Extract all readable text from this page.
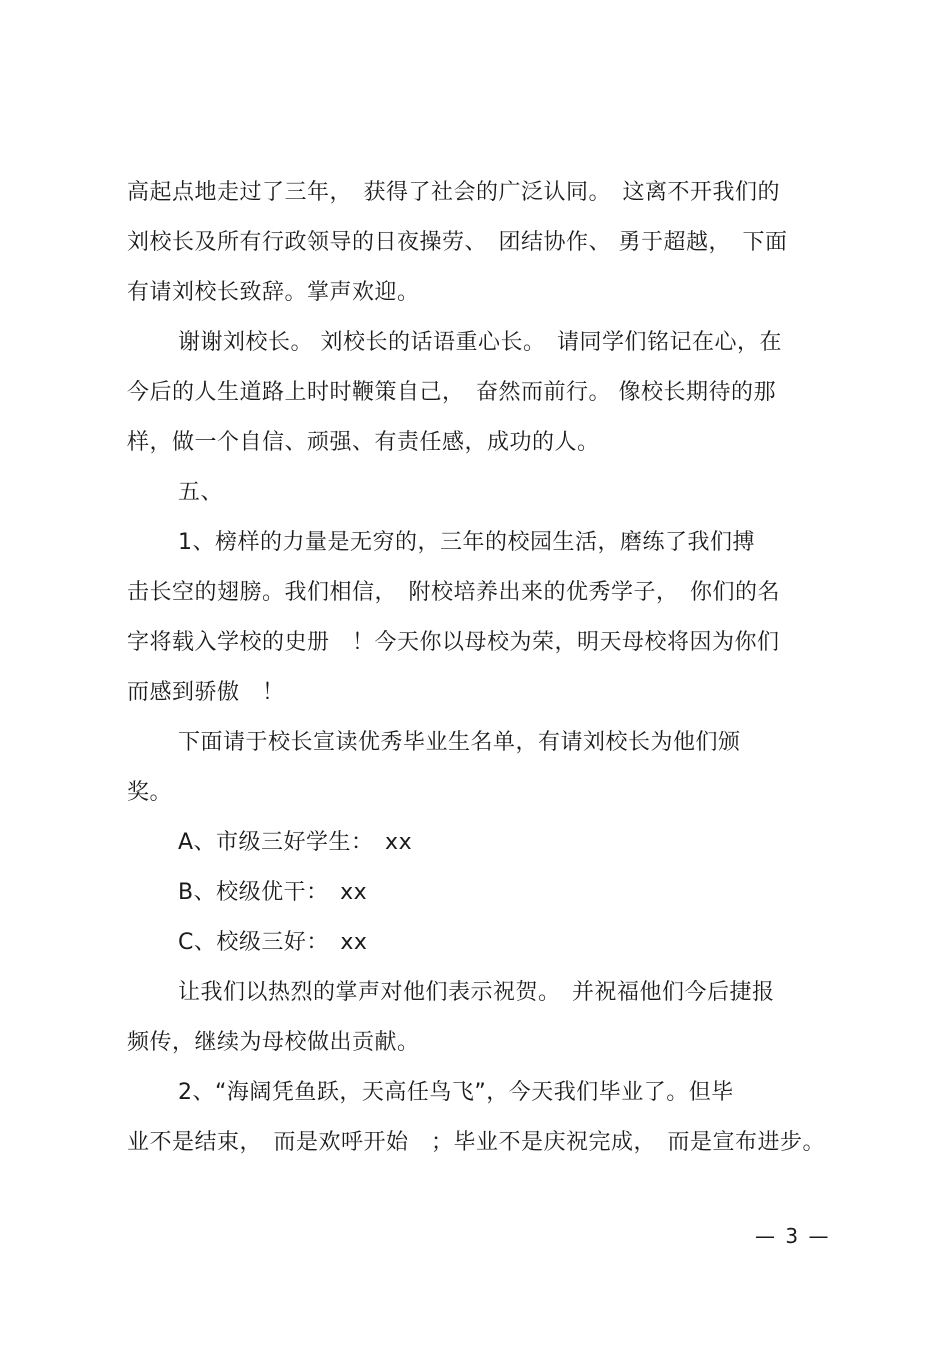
高起点地走过了三年，　获得了社会的广泛认同。　这离不开我们的
刘校长及所有行政领导的日夜操劳、　团结协作、 勇于超越，　下面
有请刘校长致辞。掌声欢迎。
谢谢刘校长。 刘校长的话语重心长。　请同学们铭记在心，在
今后的人生道路上时时鞭策自己，　奋然而前行。 像校长期待的那
样，做一个自信、顽强、有责任感，成功的人。
五、
1、榜样的力量是无穷的，三年的校园生活，磨练了我们搏
击长空的翅膀。我们相信，　附校培养出来的优秀学子，　你们的名
字将载入学校的史册　！今天你以母校为荣，明天母校将因为你们
而感到骄傲　！
下面请于校长宣读优秀毕业生名单，有请刘校长为他们颁
奖。
A、市级三好学生：　xx
B、校级优干：　xx
C、校级三好：　xx
让我们以热烈的掌声对他们表示祝贺。　并祝福他们今后捷报
频传，继续为母校做出贡献。
2、“海阔凭鱼跃，天高任鸟飞”，今天我们毕业了。但毕
业不是结束，　而是欢呼开始　；毕业不是庆祝完成，　而是宣布进步。
— 3 —
